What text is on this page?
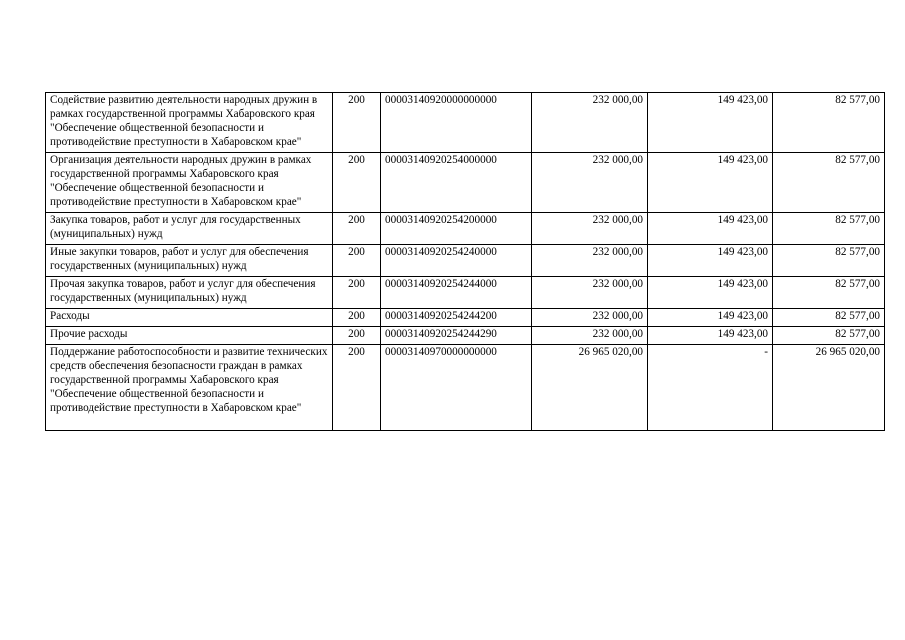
Содействие развитию деятельности народных дружин в рамках государственной программы Хабаровского края "Обеспечение общественной безопасности и противодействие преступности в Хабаровском крае"	200	00003140920000000000	232 000,00	149 423,00	82 577,00
Организация деятельности народных дружин в рамках государственной программы Хабаровского края "Обеспечение общественной безопасности и противодействие преступности в Хабаровском крае"	200	00003140920254000000	232 000,00	149 423,00	82 577,00
Закупка товаров, работ и услуг для государственных (муниципальных) нужд	200	00003140920254200000	232 000,00	149 423,00	82 577,00
Иные закупки товаров, работ и услуг для обеспечения государственных (муниципальных) нужд	200	00003140920254240000	232 000,00	149 423,00	82 577,00
Прочая закупка товаров, работ и услуг для обеспечения государственных (муниципальных) нужд	200	00003140920254244000	232 000,00	149 423,00	82 577,00
Расходы	200	00003140920254244200	232 000,00	149 423,00	82 577,00
Прочие расходы	200	00003140920254244290	232 000,00	149 423,00	82 577,00
Поддержание работоспособности и развитие технических средств обеспечения безопасности граждан в рамках государственной программы Хабаровского края "Обеспечение общественной безопасности и противодействие преступности в Хабаровском крае"	200	00003140970000000000	26 965 020,00	-	26 965 020,00
